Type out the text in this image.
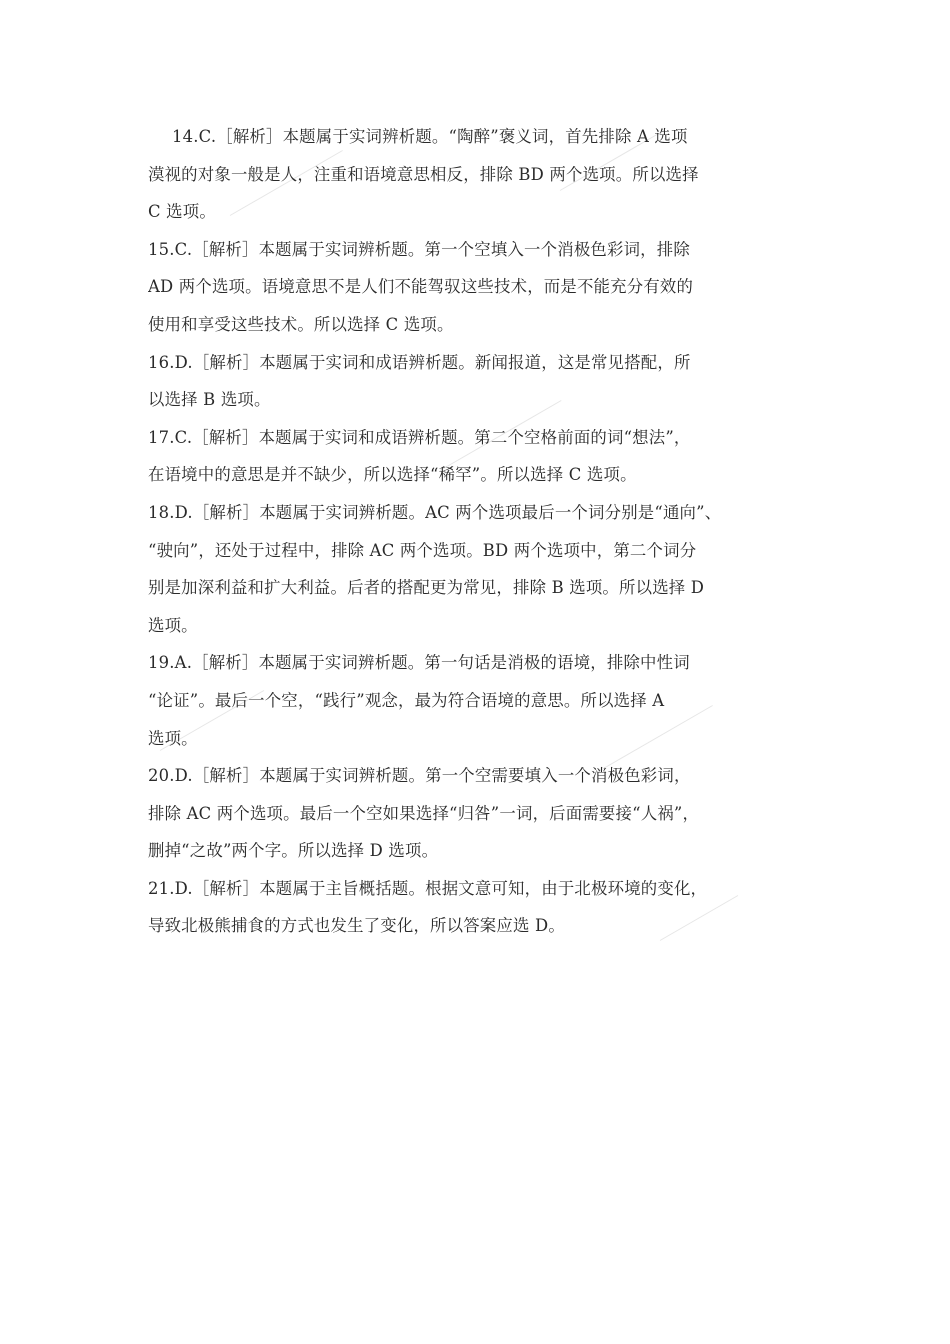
14.C.［解析］本题属于实词辨析题。“陶醉”褒义词，首先排除 A 选项
漠视的对象一般是人，注重和语境意思相反，排除 BD 两个选项。所以选择
C 选项。
15.C.［解析］本题属于实词辨析题。第一个空填入一个消极色彩词，排除
AD 两个选项。语境意思不是人们不能驾驭这些技术，而是不能充分有效的
使用和享受这些技术。所以选择 C 选项。
16.D.［解析］本题属于实词和成语辨析题。新闻报道，这是常见搭配，所
以选择 B 选项。
17.C.［解析］本题属于实词和成语辨析题。第二个空格前面的词“想法”，
在语境中的意思是并不缺少，所以选择“稀罕”。所以选择 C 选项。
18.D.［解析］本题属于实词辨析题。AC 两个选项最后一个词分别是“通向”、
“驶向”，还处于过程中，排除 AC 两个选项。BD 两个选项中，第二个词分
别是加深利益和扩大利益。后者的搭配更为常见，排除 B 选项。所以选择 D
选项。
19.A.［解析］本题属于实词辨析题。第一句话是消极的语境，排除中性词
“论证”。最后一个空，“践行”观念，最为符合语境的意思。所以选择 A
选项。
20.D.［解析］本题属于实词辨析题。第一个空需要填入一个消极色彩词，
排除 AC 两个选项。最后一个空如果选择“归咎”一词，后面需要接“人祸”，
删掉“之故”两个字。所以选择 D 选项。
21.D.［解析］本题属于主旨概括题。根据文意可知，由于北极环境的变化，
导致北极熊捕食的方式也发生了变化，所以答案应选 D。
